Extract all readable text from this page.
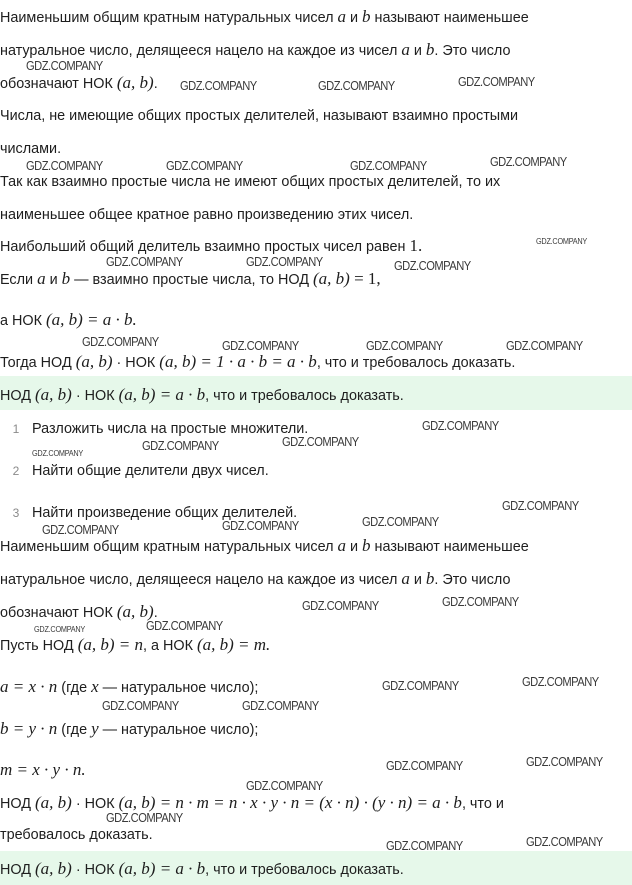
Наименьшим общим кратным натуральных чисел a и b называют наименьшее
натуральное число, делящееся нацело на каждое из чисел a и b. Это число
обозначают НОК (a, b).
Числа, не имеющие общих простых делителей, называют взаимно простыми
числами.
Так как взаимно простые числа не имеют общих простых делителей, то их
наименьшее общее кратное равно произведению этих чисел.
Наибольший общий делитель взаимно простых чисел равен 1.
Если a и b — взаимно простые числа, то НОД (a, b) = 1,
а НОК (a, b) = a · b.
Тогда НОД (a, b) · НОК (a, b) = 1 · a · b = a · b, что и требовалось доказать.
НОД (a, b) · НОК (a, b) = a · b, что и требовалось доказать.
1 Разложить числа на простые множители.
2 Найти общие делители двух чисел.
3 Найти произведение общих делителей.
Наименьшим общим кратным натуральных чисел a и b называют наименьшее
натуральное число, делящееся нацело на каждое из чисел a и b. Это число
обозначают НОК (a, b).
Пусть НОД (a, b) = n, а НОК (a, b) = m.
a = x · n (где x — натуральное число);
b = y · n (где y — натуральное число);
m = x · y · n.
НОД (a, b) · НОК (a, b) = n · m = n · x · y · n = (x · n) · (y · n) = a · b, что и
требовалось доказать.
НОД (a, b) · НОК (a, b) = a · b, что и требовалось доказать.
GDZ.COMPANY
GDZ.COMPANY	GDZ.COMPANY	GDZ.COMPANY
GDZ.COMPANY	GDZ.COMPANY	GDZ.COMPANY	GDZ.COMPANY
GDZ.COMPANY
GDZ.COMPANY	GDZ.COMPANY	GDZ.COMPANY
GDZ.COMPANY	GDZ.COMPANY	GDZ.COMPANY	GDZ.COMPANY
GDZ.COMPANY
GDZ.COMPANY	GDZ.COMPANY
GDZ.COMPANY
GDZ.COMPANY
GDZ.COMPANY	GDZ.COMPANY	GDZ.COMPANY
GDZ.COMPANY	GDZ.COMPANY
GDZ.COMPANY	GDZ.COMPANY
GDZ.COMPANY	GDZ.COMPANY
GDZ.COMPANY	GDZ.COMPANY
GDZ.COMPANY	GDZ.COMPANY
GDZ.COMPANY
GDZ.COMPANY
GDZ.COMPANY	GDZ.COMPANY
